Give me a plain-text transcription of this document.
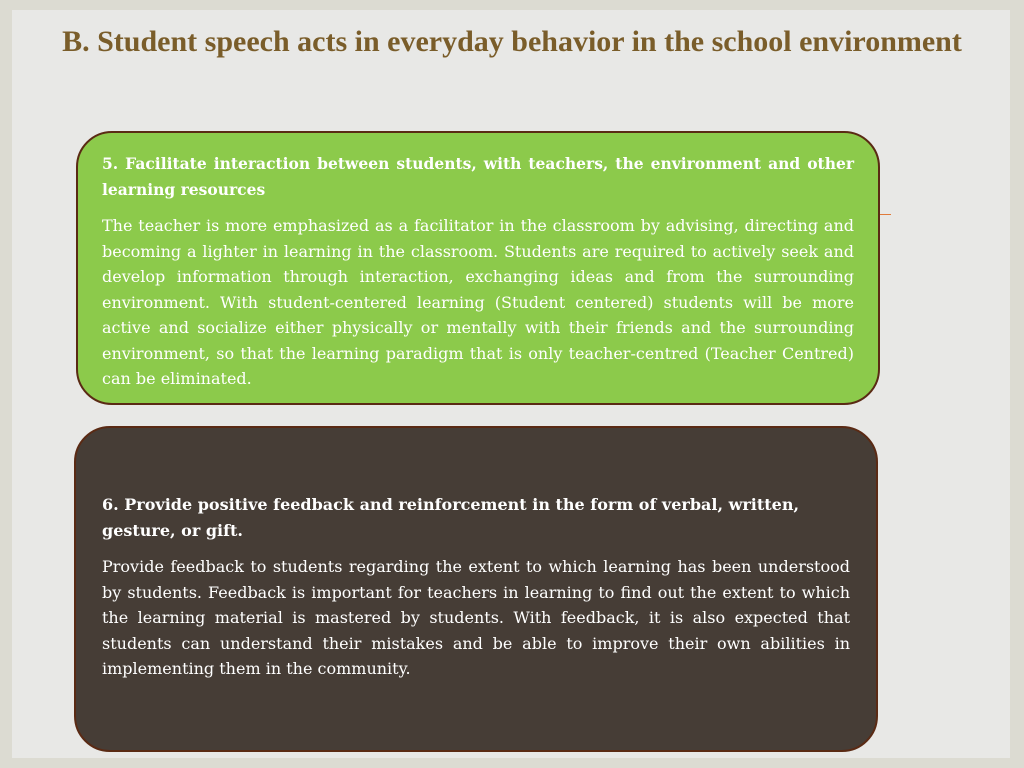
B. Student speech acts in everyday behavior in the school environment

5. Facilitate interaction between students, with teachers, the environment and other learning resources

The teacher is more emphasized as a facilitator in the classroom by advising, directing and becoming a lighter in learning in the classroom. Students are required to actively seek and develop information through interaction, exchanging ideas and from the surrounding environment. With student-centered learning (Student centered) students will be more active and socialize either physically or mentally with their friends and the surrounding environment, so that the learning paradigm that is only teacher-centred (Teacher Centred) can be eliminated.

6. Provide positive feedback and reinforcement in the form of verbal, written, gesture, or gift.

Provide feedback to students regarding the extent to which learning has been understood by students. Feedback is important for teachers in learning to find out the extent to which the learning material is mastered by students. With feedback, it is also expected that students can understand their mistakes and be able to improve their own abilities in implementing them in the community.
